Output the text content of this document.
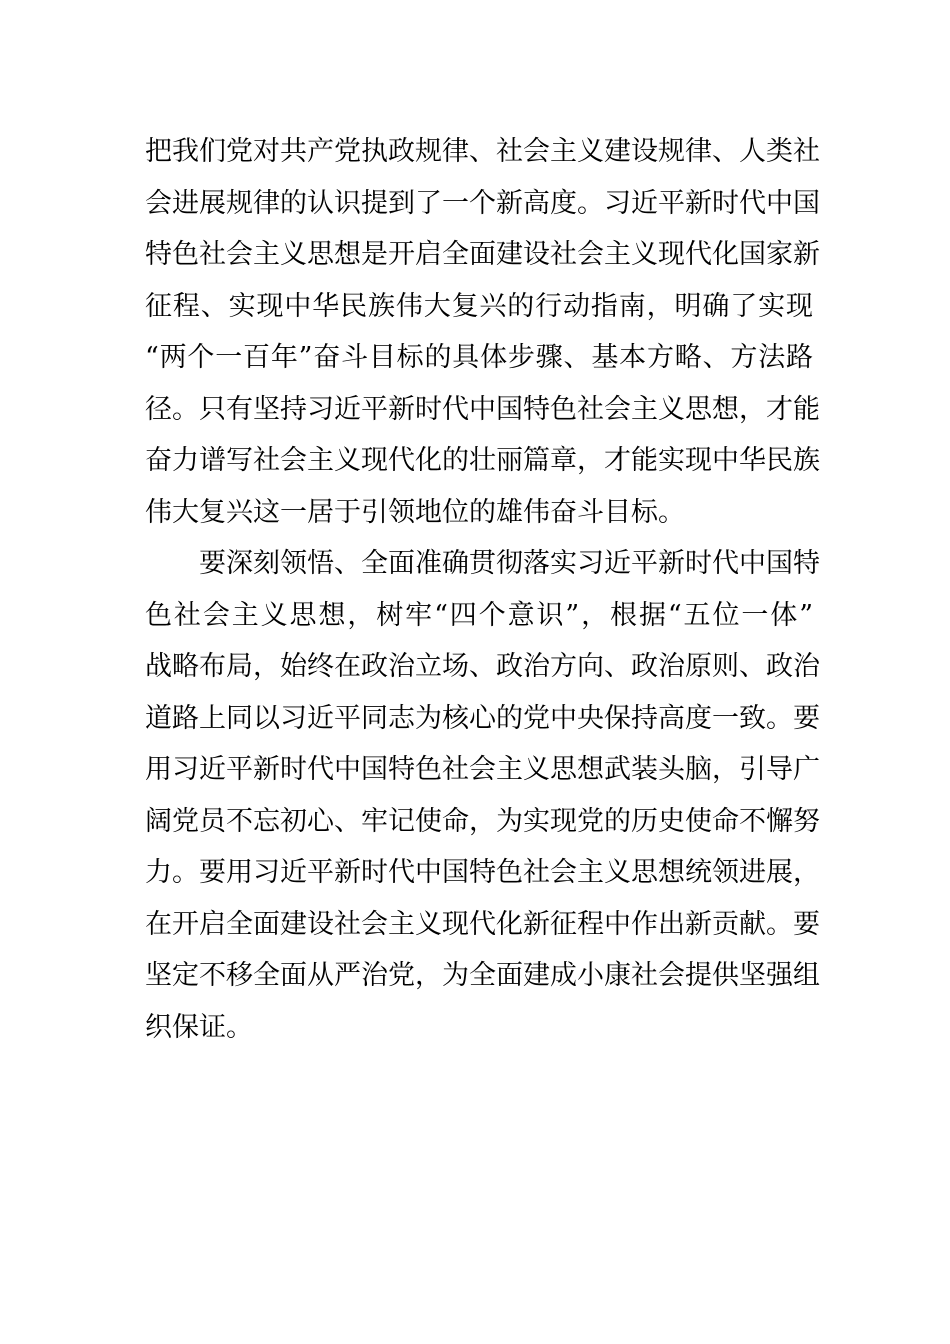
把我们党对共产党执政规律、社会主义建设规律、人类社
会进展规律的认识提到了一个新高度。习近平新时代中国
特色社会主义思想是开启全面建设社会主义现代化国家新
征程、实现中华民族伟大复兴的行动指南，明确了实现
“两个一百年”奋斗目标的具体步骤、基本方略、方法路
径。只有坚持习近平新时代中国特色社会主义思想，才能
奋力谱写社会主义现代化的壮丽篇章，才能实现中华民族
伟大复兴这一居于引领地位的雄伟奋斗目标。
要深刻领悟、全面准确贯彻落实习近平新时代中国特
色社会主义思想，树牢“四个意识”，根据“五位一体”
战略布局，始终在政治立场、政治方向、政治原则、政治
道路上同以习近平同志为核心的党中央保持高度一致。要
用习近平新时代中国特色社会主义思想武装头脑，引导广
阔党员不忘初心、牢记使命，为实现党的历史使命不懈努
力。要用习近平新时代中国特色社会主义思想统领进展，
在开启全面建设社会主义现代化新征程中作出新贡献。要
坚定不移全面从严治党，为全面建成小康社会提供坚强组
织保证。
